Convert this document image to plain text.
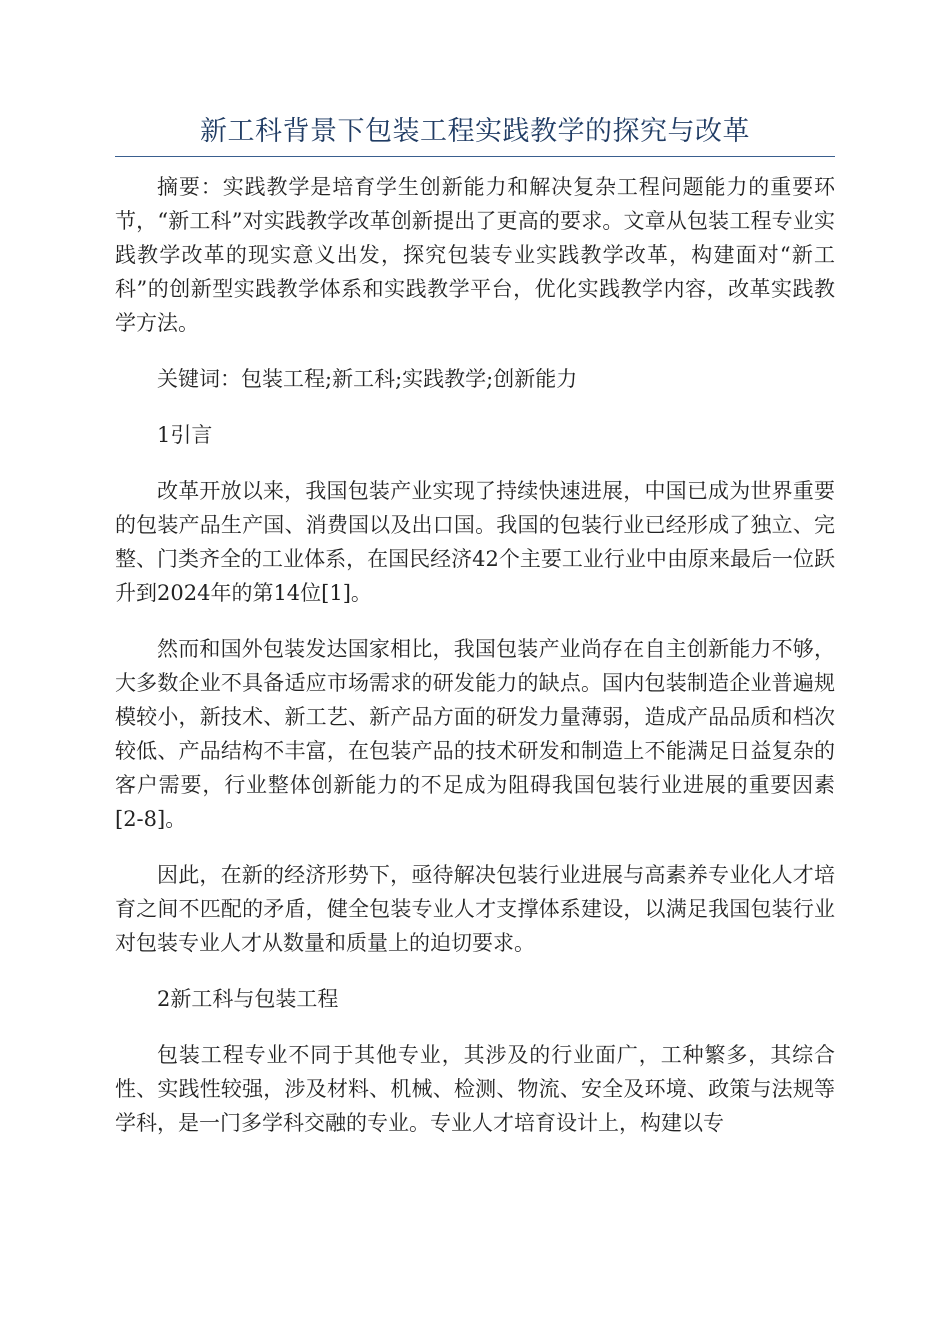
新工科背景下包装工程实践教学的探究与改革

摘要：实践教学是培育学生创新能力和解决复杂工程问题能力的重要环节，“新工科”对实践教学改革创新提出了更高的要求。文章从包装工程专业实践教学改革的现实意义出发，探究包装专业实践教学改革，构建面对“新工科”的创新型实践教学体系和实践教学平台，优化实践教学内容，改革实践教学方法。

关键词：包装工程;新工科;实践教学;创新能力

1引言

改革开放以来，我国包装产业实现了持续快速进展，中国已成为世界重要的包装产品生产国、消费国以及出口国。我国的包装行业已经形成了独立、完整、门类齐全的工业体系，在国民经济42个主要工业行业中由原来最后一位跃升到2024年的第14位[1]。

然而和国外包装发达国家相比，我国包装产业尚存在自主创新能力不够，大多数企业不具备适应市场需求的研发能力的缺点。国内包装制造企业普遍规模较小，新技术、新工艺、新产品方面的研发力量薄弱，造成产品品质和档次较低、产品结构不丰富，在包装产品的技术研发和制造上不能满足日益复杂的客户需要，行业整体创新能力的不足成为阻碍我国包装行业进展的重要因素[2-8]。

因此，在新的经济形势下，亟待解决包装行业进展与高素养专业化人才培育之间不匹配的矛盾，健全包装专业人才支撑体系建设，以满足我国包装行业对包装专业人才从数量和质量上的迫切要求。

2新工科与包装工程

包装工程专业不同于其他专业，其涉及的行业面广，工种繁多，其综合性、实践性较强，涉及材料、机械、检测、物流、安全及环境、政策与法规等学科，是一门多学科交融的专业。专业人才培育设计上，构建以专
